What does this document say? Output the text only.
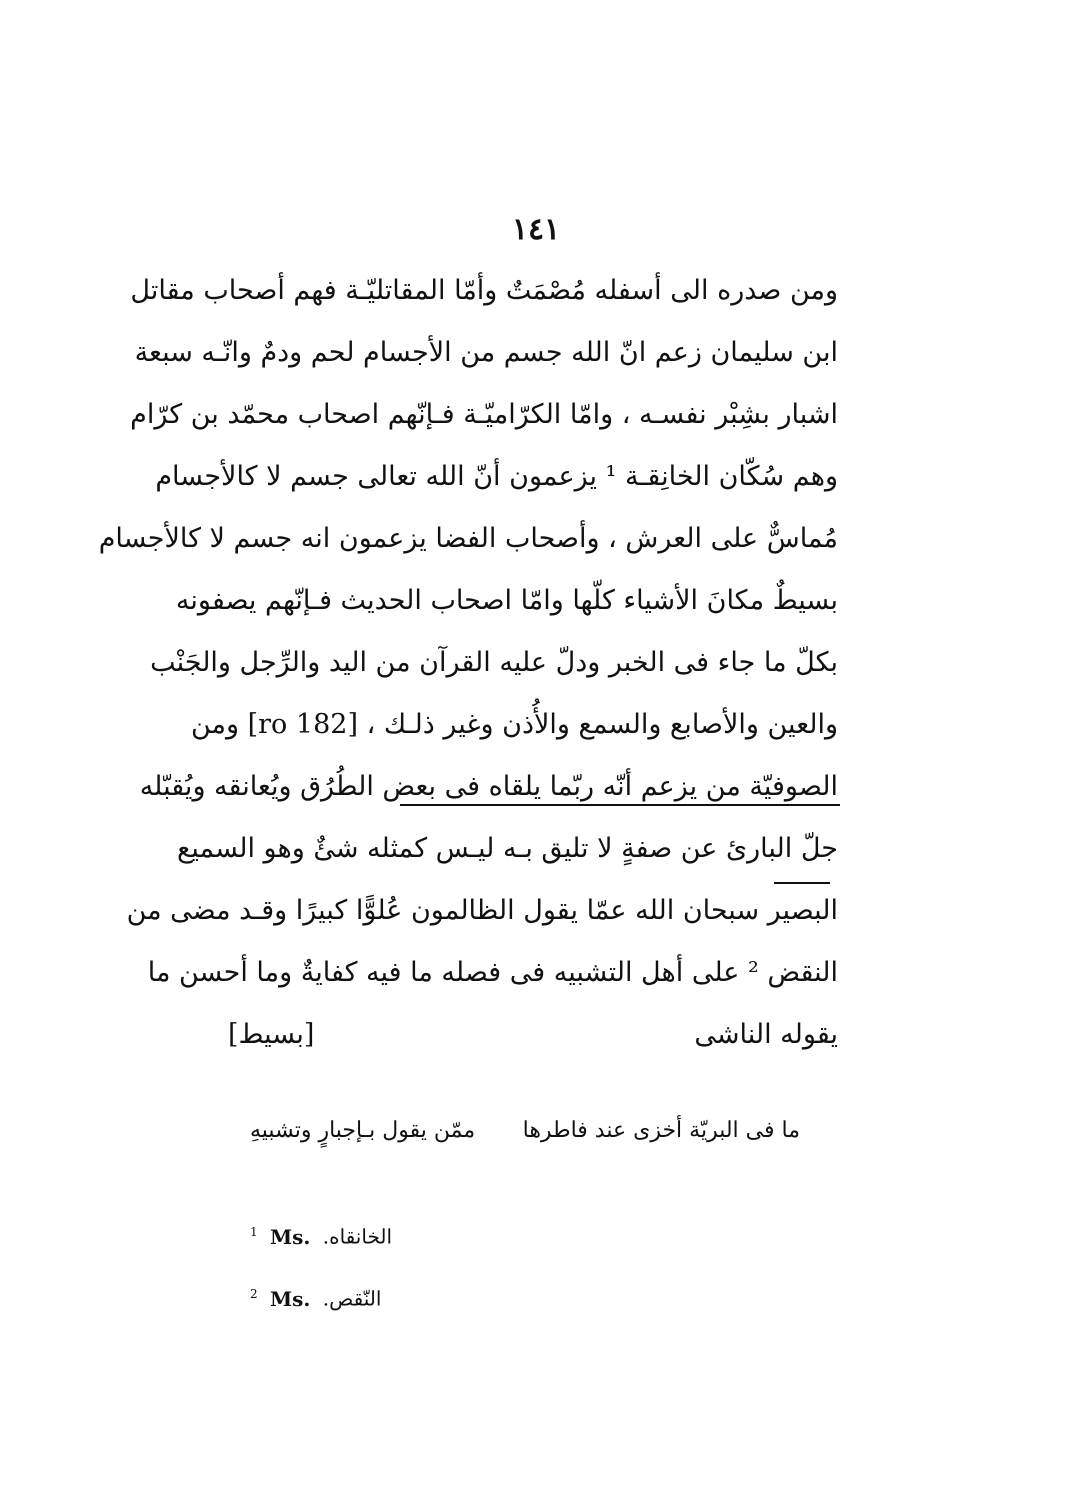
١٤١
ومن صدره الى أسفله مُصْمَتٌ وأمّا المقاتليّـة فهم أصحاب مقاتل
ابن سليمان زعم انّ الله جسم من الأجسام لحم ودمٌ وانّـه سبعة
اشبار بشِبْر نفسـه ، وامّا الكرّاميّـة فـإنّهم اصحاب محمّد بن كرّام
وهم سُكّان الخانِقـة ¹ يزعمون أنّ الله تعالى جسم لا كالأجسام
مُماسٌّ على العرش ، وأصحاب الفضا يزعمون انه جسم لا كالأجسام
بسيطٌ مكانَ الأشياء كلّها وامّا اصحاب الحديث فـإنّهم يصفونه
بكلّ ما جاء فى الخبر ودلّ عليه القرآن من اليد والرِّجل والجَنْب
والعين والأصابع والسمع والأُذن وغير ذلـك ، [182 ro] ومن
الصوفيّة من يزعم أنّه ربّما يلقاه فى بعض الطُرُق ويُعانقه ويُقبّله
جلّ البارئ عن صفةٍ لا تليق بـه ليـس كمثله شئٌ وهو السميع
البصير سبحان الله عمّا يقول الظالمون عُلوًّا كبيرًا وقـد مضى من
النقض ² على أهل التشبيه فى فصله ما فيه كفايةٌ وما أحسن ما
يقوله الناشى
[بسيط]
ما فى البريّة أخزى عند فاطرها
ممّن يقول بـإجبارٍ وتشبيهِ
$^1$ Ms. الخانقاه.
$^2$ Ms. النّقص.
